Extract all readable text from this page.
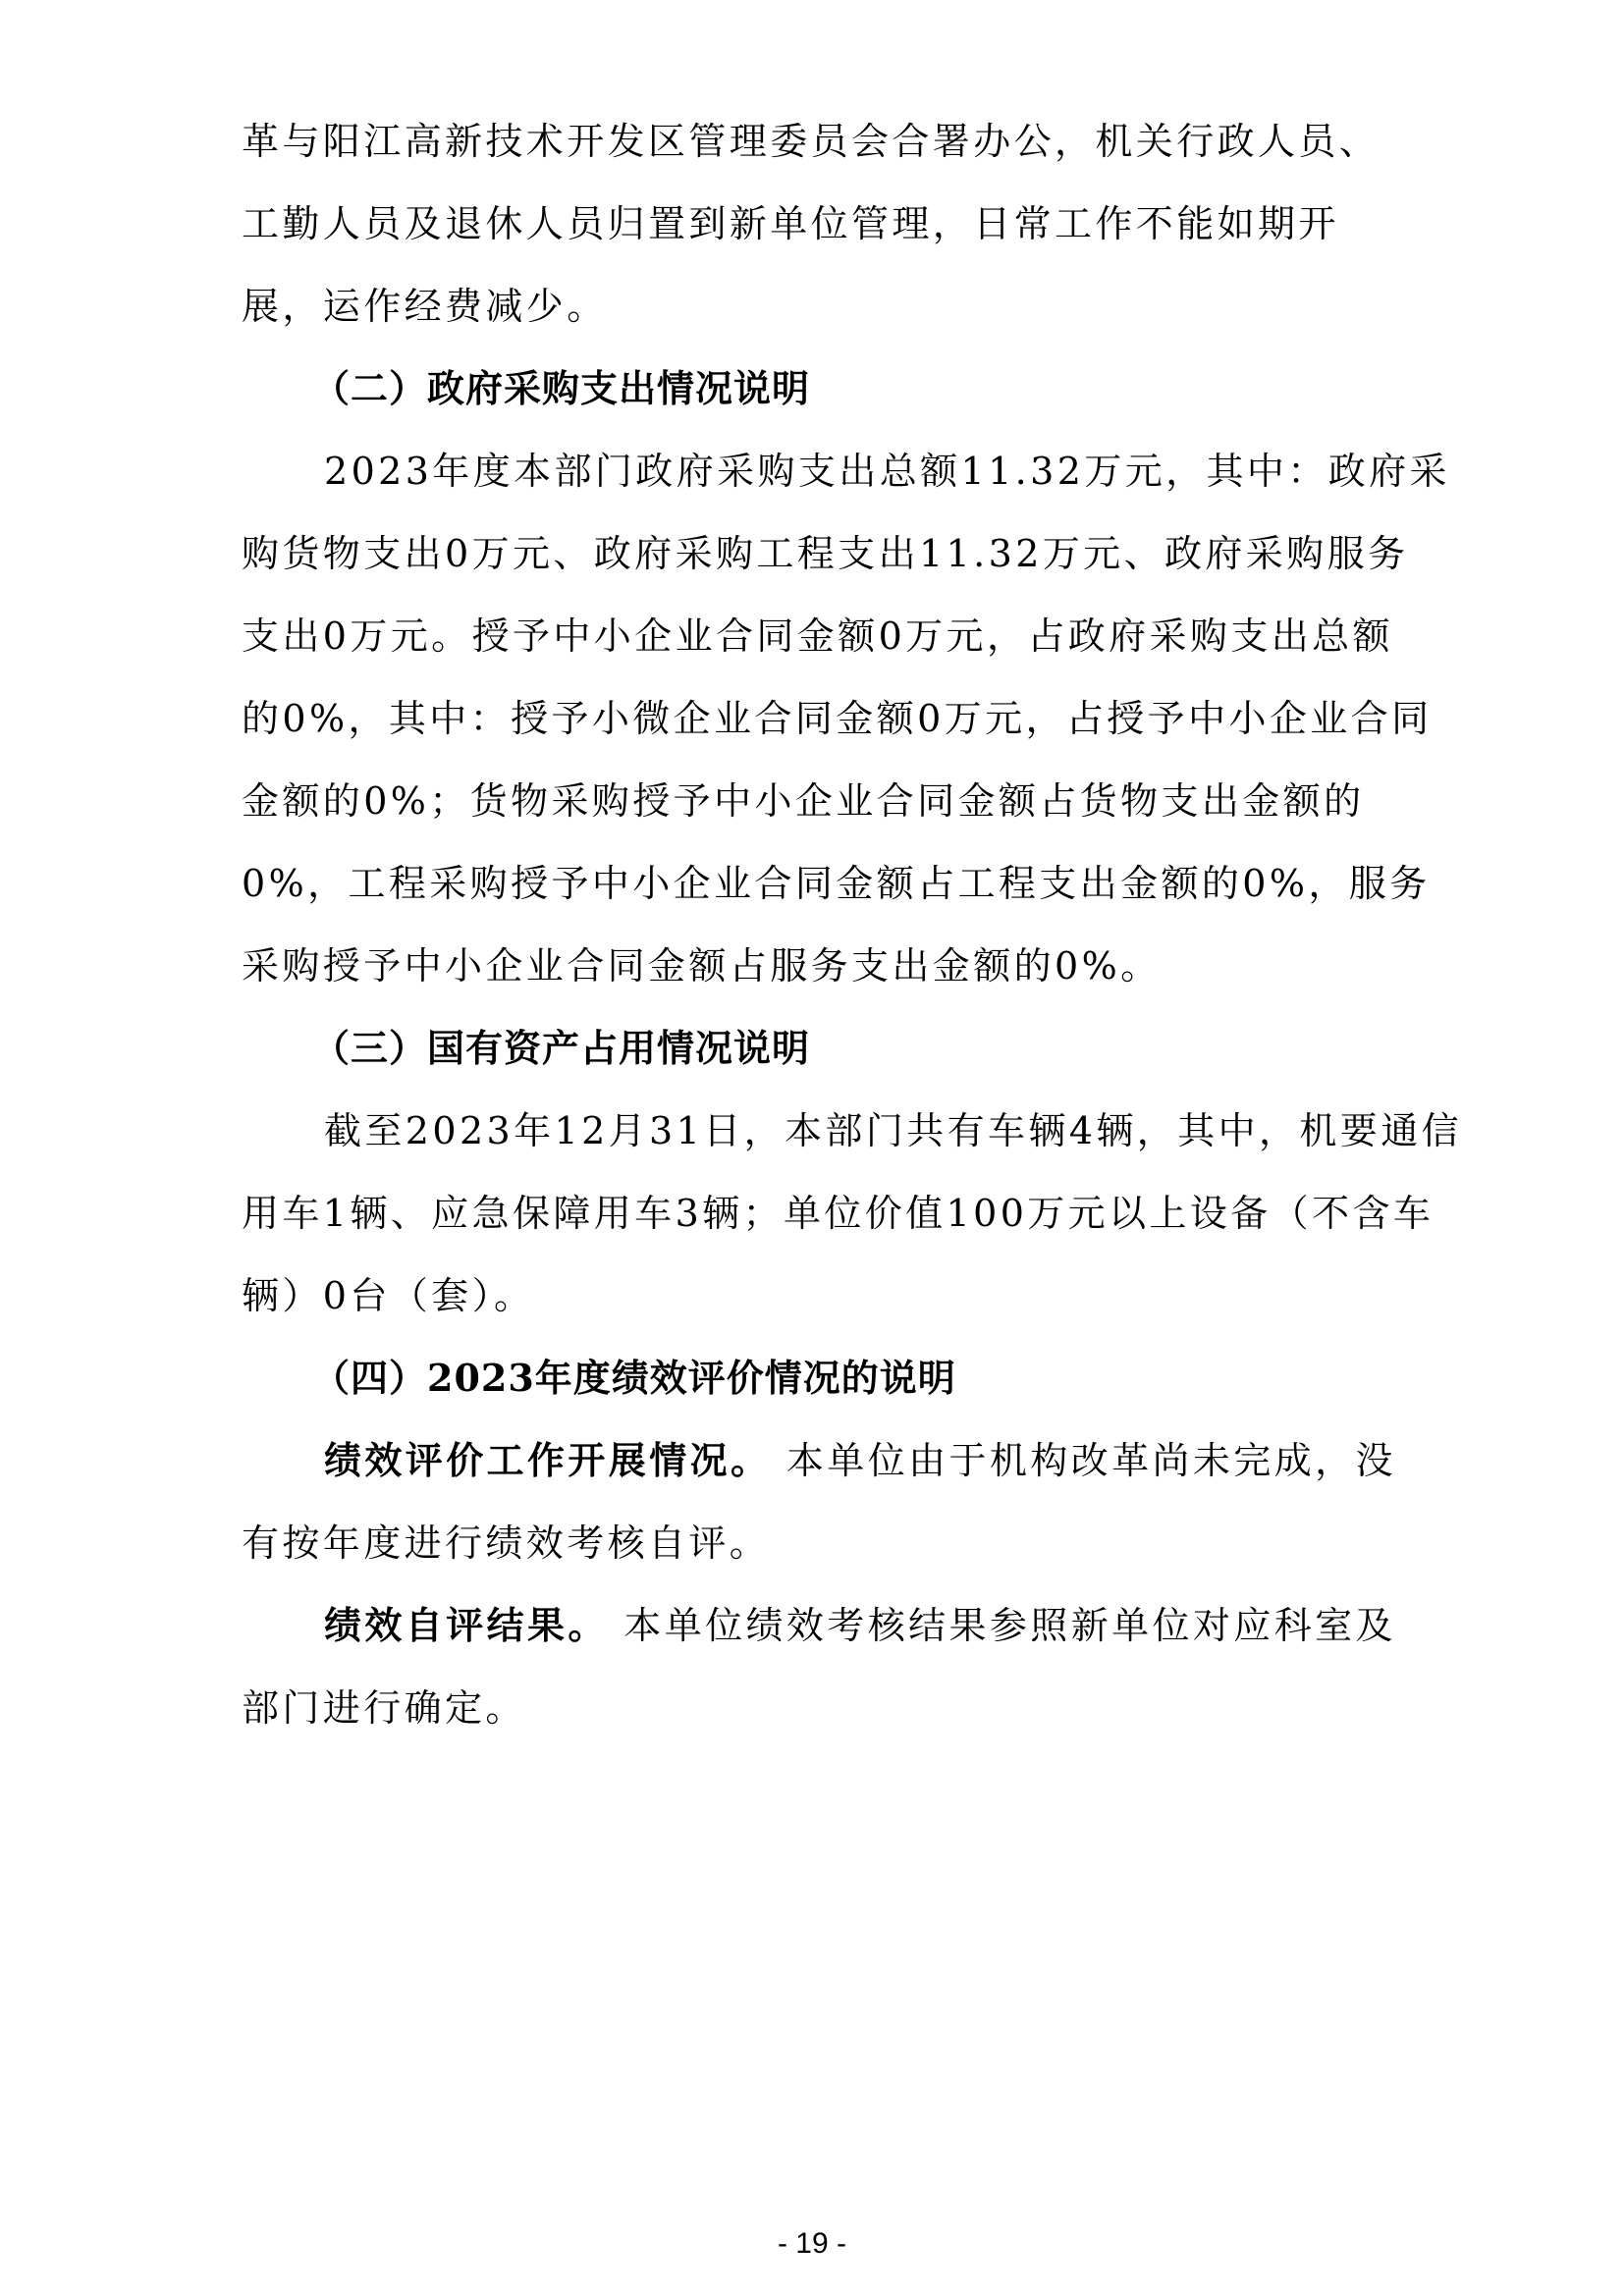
革与阳江高新技术开发区管理委员会合署办公，机关行政人员、
工勤人员及退休人员归置到新单位管理，日常工作不能如期开
展，运作经费减少。
（二）政府采购支出情况说明
2023年度本部门政府采购支出总额11.32万元，其中：政府采
购货物支出0万元、政府采购工程支出11.32万元、政府采购服务
支出0万元。授予中小企业合同金额0万元，占政府采购支出总额
的0%，其中：授予小微企业合同金额0万元，占授予中小企业合同
金额的0%；货物采购授予中小企业合同金额占货物支出金额的
0%，工程采购授予中小企业合同金额占工程支出金额的0%，服务
采购授予中小企业合同金额占服务支出金额的0%。
（三）国有资产占用情况说明
截至2023年12月31日，本部门共有车辆4辆，其中，机要通信
用车1辆、应急保障用车3辆；单位价值100万元以上设备（不含车
辆）0台（套）。
（四）2023年度绩效评价情况的说明
绩效评价工作开展情况。 本单位由于机构改革尚未完成，没
有按年度进行绩效考核自评。
绩效自评结果。 本单位绩效考核结果参照新单位对应科室及
部门进行确定。
- 19 -
